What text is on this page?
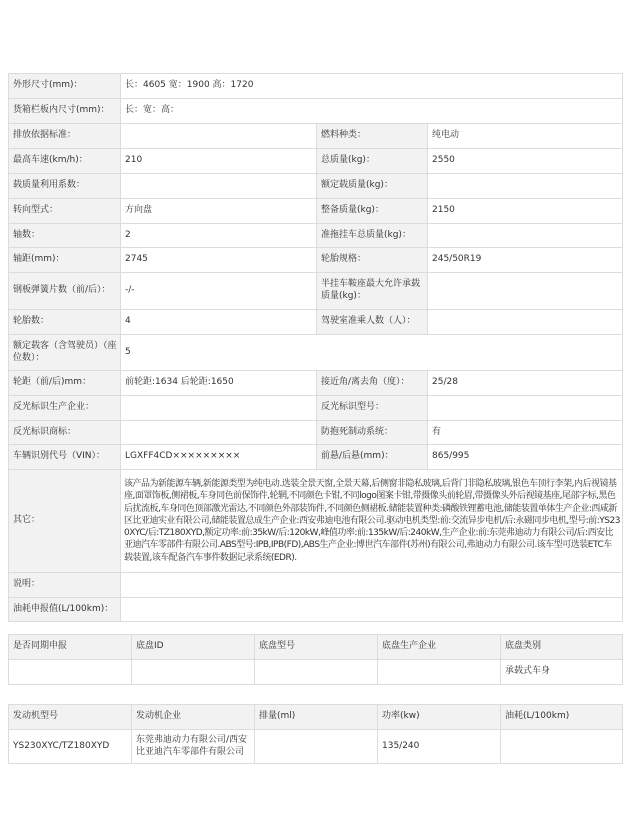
外形尺寸(mm)：	长：4605 宽：1900 高：1720		
货箱栏板内尺寸(mm)：	长：宽：高：		
排放依据标准：		燃料种类：	纯电动
最高车速(km/h)：	210	总质量(kg)：	2550
载质量利用系数：		额定载质量(kg)：	
转向型式：	方向盘	整备质量(kg)：	2150
轴数：	2	准拖挂车总质量(kg)：	
轴距(mm)：	2745	轮胎规格：	245/50R19
钢板弹簧片数（前/后）：	-/-	半挂车鞍座最大允许承载质量(kg)：	
轮胎数：	4	驾驶室准乘人数（人）：	
额定载客（含驾驶员）（座位数）：	5		
轮距（前/后)mm：	前轮距:1634 后轮距:1650	接近角/离去角（度）：	25/28
反光标识生产企业：		反光标识型号：	
反光标识商标：		防抱死制动系统：	有
车辆识别代号（VIN）：	LGXFF4CD×××××××××	前悬/后悬(mm)：	865/995
其它：	该产品为新能源车辆,新能源类型为纯电动.选装全景天窗,全景天幕,后侧窗非隐私玻璃,后背门非隐私玻璃,银色车顶行李架,内后视镜基座,面罩饰板,侧裙板,车身同色前保饰件,轮辋,不同颜色卡钳,不同logo图案卡钳,带摄像头前轮眉,带摄像头外后视镜基座,尾部字标,黑色后扰流板,车身同色顶部激光雷达,不同颜色外部装饰件,不同颜色侧裙板.储能装置种类:磷酸铁锂蓄电池,储能装置单体生产企业:西咸新区比亚迪实业有限公司,储能装置总成生产企业:西安弗迪电池有限公司.驱动电机类型:前:交流异步电机/后:永磁同步电机,型号:前:YS230XYC/后:TZ180XYD,额定功率:前:35kW/后:120kW,峰值功率:前:135kW/后:240kW,生产企业:前:东莞弗迪动力有限公司/后:西安比亚迪汽车零部件有限公司.ABS型号:IPB,IPB(FD),ABS生产企业:博世汽车部件(苏州)有限公司,弗迪动力有限公司.该车型可选装ETC车载装置,该车配备汽车事件数据记录系统(EDR).		
说明：			
油耗申报值(L/100km)：			
是否同期申报	底盘ID	底盘型号	底盘生产企业	底盘类别
				承载式车身
发动机型号	发动机企业	排量(ml)	功率(kw)	油耗(L/100km)
YS230XYC/TZ180XYD	东莞弗迪动力有限公司/西安比亚迪汽车零部件有限公司		135/240	
